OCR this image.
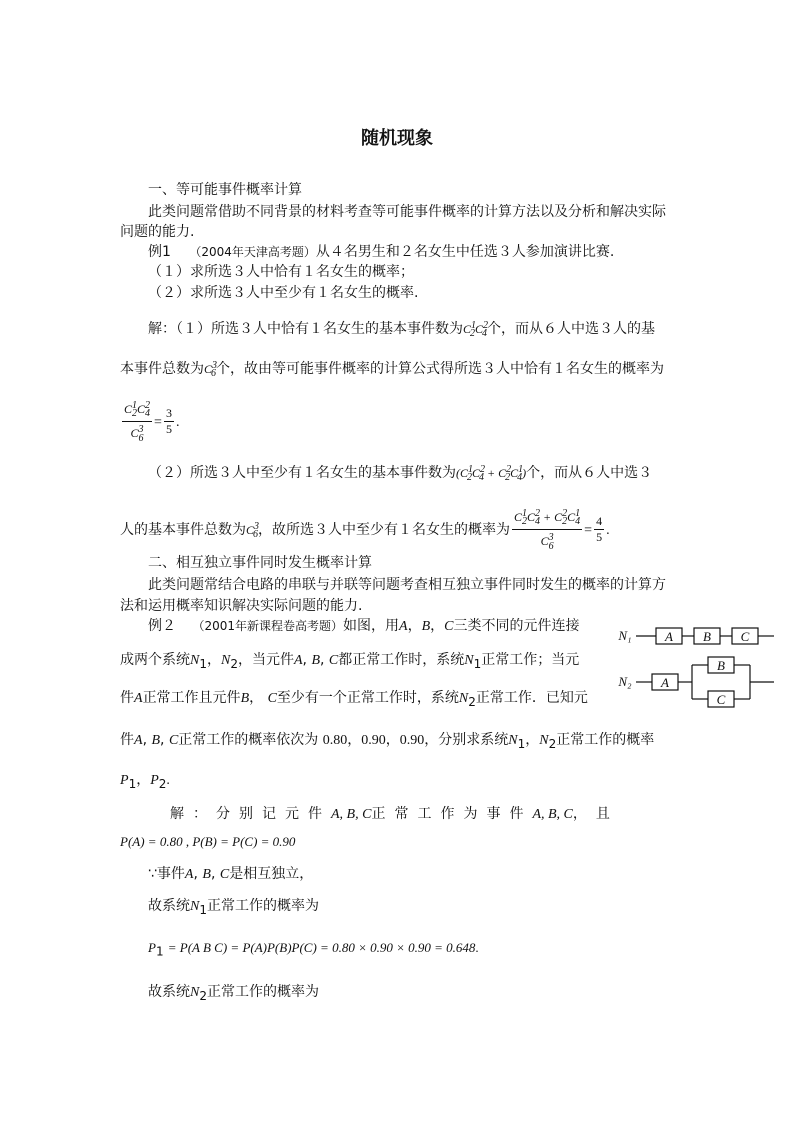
随机现象
一、等可能事件概率计算
此类问题常借助不同背景的材料考查等可能事件概率的计算方法以及分析和解决实际
问题的能力.
例1 （2004年天津高考题）从４名男生和２名女生中任选３人参加演讲比赛.
（１）求所选３人中恰有１名女生的概率；
（２）求所选３人中至少有１名女生的概率.
解：（１）所选３人中恰有１名女生的基本事件数为$C^1_2C^2_4$个，而从６人中选３人的基
本事件总数为$C^3_6$个，故由等可能事件概率的计算公式得所选３人中恰有１名女生的概率为
$\frac{C^1_2C^2_4}{C^3_6} = \frac{3}{5}$ .
（２）所选３人中至少有１名女生的基本事件数为$(C^1_2C^2_4 + C^2_2C^1_4)$个，而从６人中选３
人的基本事件总数为$C^3_6$，故所选３人中至少有１名女生的概率为 $\frac{C^1_2C^2_4 + C^2_2C^1_4}{C^3_6} = \frac{4}{5}$ .
二、相互独立事件同时发生概率计算
此类问题常结合电路的串联与并联等问题考查相互独立事件同时发生的概率的计算方
法和运用概率知识解决实际问题的能力.
例２ （2001年新课程卷高考题）如图，用A，B，C三类不同的元件连接
成两个系统$N_1$，$N_2$，当元件A, B, C都正常工作时，系统$N_1$正常工作；当元
件A正常工作且元件B， C至少有一个正常工作时，系统$N_2$正常工作．已知元
件A, B, C正常工作的概率依次为 0.80，0.90，0.90，分别求系统$N_1$，$N_2$正常工作的概率
$P_1$，$P_2$.
解：分别记元件A, B, C正常工作为事件A, B, C，且
P(A) = 0.80 , P(B) = P(C) = 0.90
∵事件A, B, C是相互独立，
故系统$N_1$正常工作的概率为
$P_1 = P(A$ B C) = P(A)P(B)P(C) = 0.80 × 0.90 × 0.90 = 0.648.
故系统$N_2$正常工作的概率为
N₁
N₂
A B C
A
B
C
